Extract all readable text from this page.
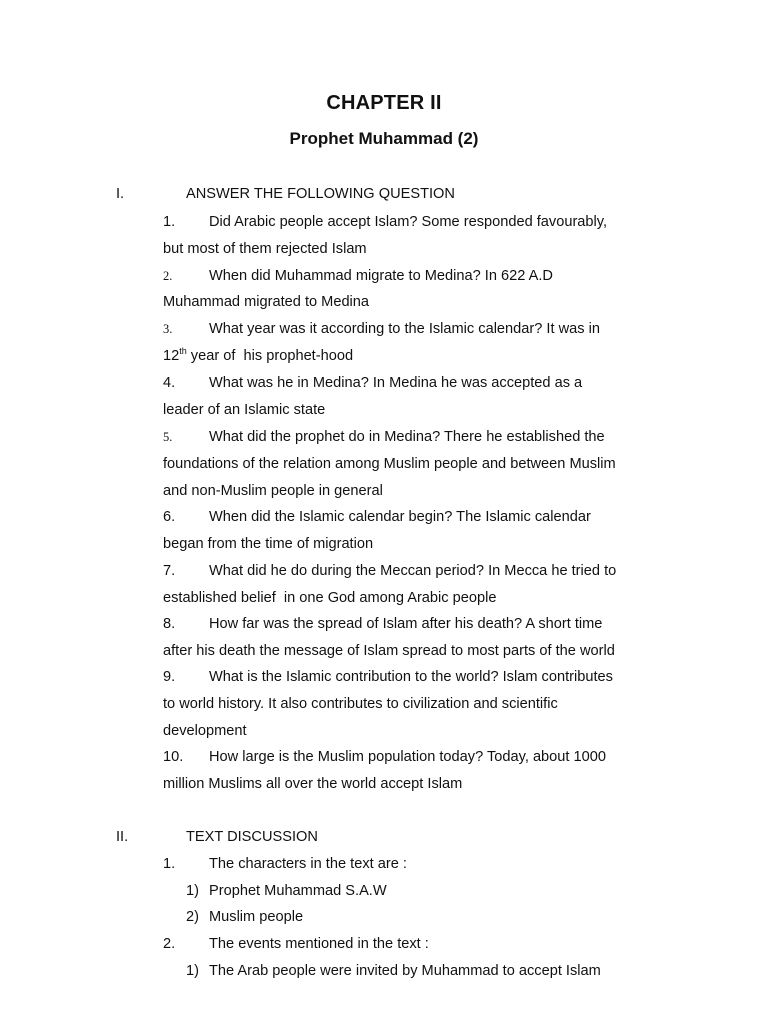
CHAPTER II
Prophet Muhammad (2)
I.	ANSWER THE FOLLOWING QUESTION
1. Did Arabic people accept Islam? Some responded favourably,
but most of them rejected Islam
2.	When did Muhammad migrate to Medina? In 622 A.D
Muhammad migrated to Medina
3.	What year was it according to the Islamic calendar? It was in
12th year of  his prophet-hood
4. What was he in Medina? In Medina he was accepted as a
leader of an Islamic state
5.	What did the prophet do in Medina? There he established the
foundations of the relation among Muslim people and between Muslim
and non-Muslim people in general
6. When did the Islamic calendar begin? The Islamic calendar
began from the time of migration
7. What did he do during the Meccan period? In Mecca he tried to
established belief  in one God among Arabic people
8. How far was the spread of Islam after his death? A short time
after his death the message of Islam spread to most parts of the world
9. What is the Islamic contribution to the world? Islam contributes
to world history. It also contributes to civilization and scientific
development
10. How large is the Muslim population today? Today, about 1000
million Muslims all over the world accept Islam
II.	TEXT DISCUSSION
1. The characters in the text are :
1) Prophet Muhammad S.A.W
2) Muslim people
2. The events mentioned in the text :
1) The Arab people were invited by Muhammad to accept Islam
